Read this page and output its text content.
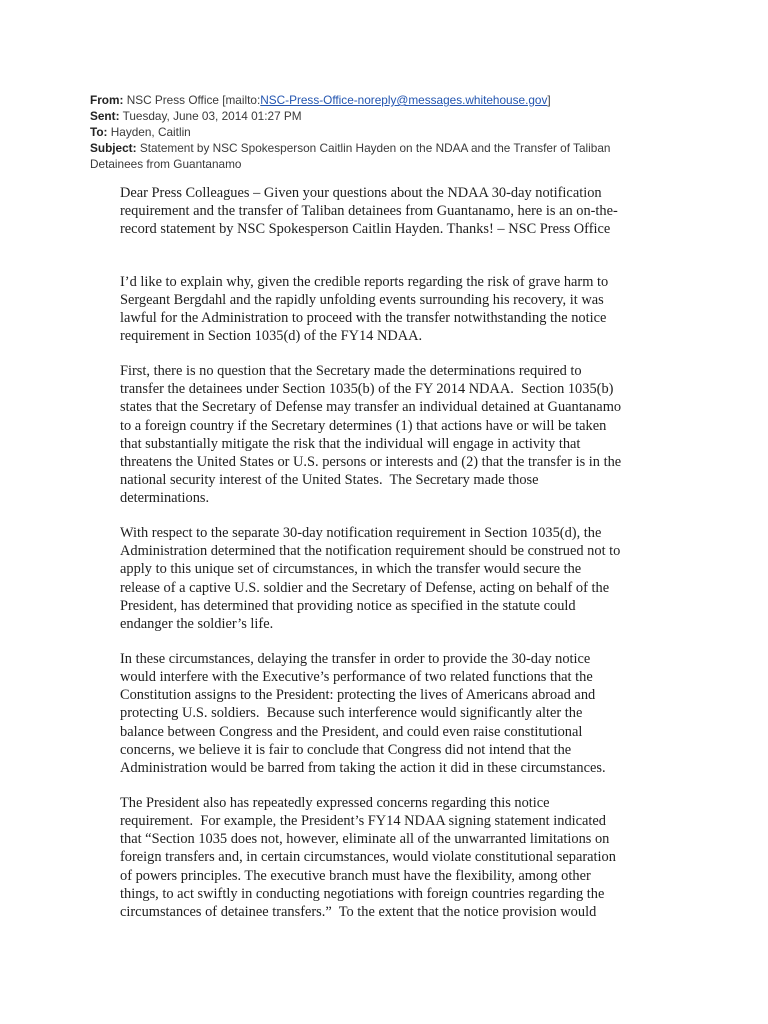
From: NSC Press Office [mailto:NSC-Press-Office-noreply@messages.whitehouse.gov]
Sent: Tuesday, June 03, 2014 01:27 PM
To: Hayden, Caitlin
Subject: Statement by NSC Spokesperson Caitlin Hayden on the NDAA and the Transfer of Taliban
Detainees from Guantanamo
Dear Press Colleagues – Given your questions about the NDAA 30-day notification
requirement and the transfer of Taliban detainees from Guantanamo, here is an on-the-
record statement by NSC Spokesperson Caitlin Hayden. Thanks! – NSC Press Office
I’d like to explain why, given the credible reports regarding the risk of grave harm to
Sergeant Bergdahl and the rapidly unfolding events surrounding his recovery, it was
lawful for the Administration to proceed with the transfer notwithstanding the notice
requirement in Section 1035(d) of the FY14 NDAA.
First, there is no question that the Secretary made the determinations required to
transfer the detainees under Section 1035(b) of the FY 2014 NDAA.  Section 1035(b)
states that the Secretary of Defense may transfer an individual detained at Guantanamo
to a foreign country if the Secretary determines (1) that actions have or will be taken
that substantially mitigate the risk that the individual will engage in activity that
threatens the United States or U.S. persons or interests and (2) that the transfer is in the
national security interest of the United States.  The Secretary made those
determinations.
With respect to the separate 30-day notification requirement in Section 1035(d), the
Administration determined that the notification requirement should be construed not to
apply to this unique set of circumstances, in which the transfer would secure the
release of a captive U.S. soldier and the Secretary of Defense, acting on behalf of the
President, has determined that providing notice as specified in the statute could
endanger the soldier’s life.
In these circumstances, delaying the transfer in order to provide the 30-day notice
would interfere with the Executive’s performance of two related functions that the
Constitution assigns to the President: protecting the lives of Americans abroad and
protecting U.S. soldiers.  Because such interference would significantly alter the
balance between Congress and the President, and could even raise constitutional
concerns, we believe it is fair to conclude that Congress did not intend that the
Administration would be barred from taking the action it did in these circumstances.
The President also has repeatedly expressed concerns regarding this notice
requirement.  For example, the President’s FY14 NDAA signing statement indicated
that “Section 1035 does not, however, eliminate all of the unwarranted limitations on
foreign transfers and, in certain circumstances, would violate constitutional separation
of powers principles. The executive branch must have the flexibility, among other
things, to act swiftly in conducting negotiations with foreign countries regarding the
circumstances of detainee transfers.”  To the extent that the notice provision would
